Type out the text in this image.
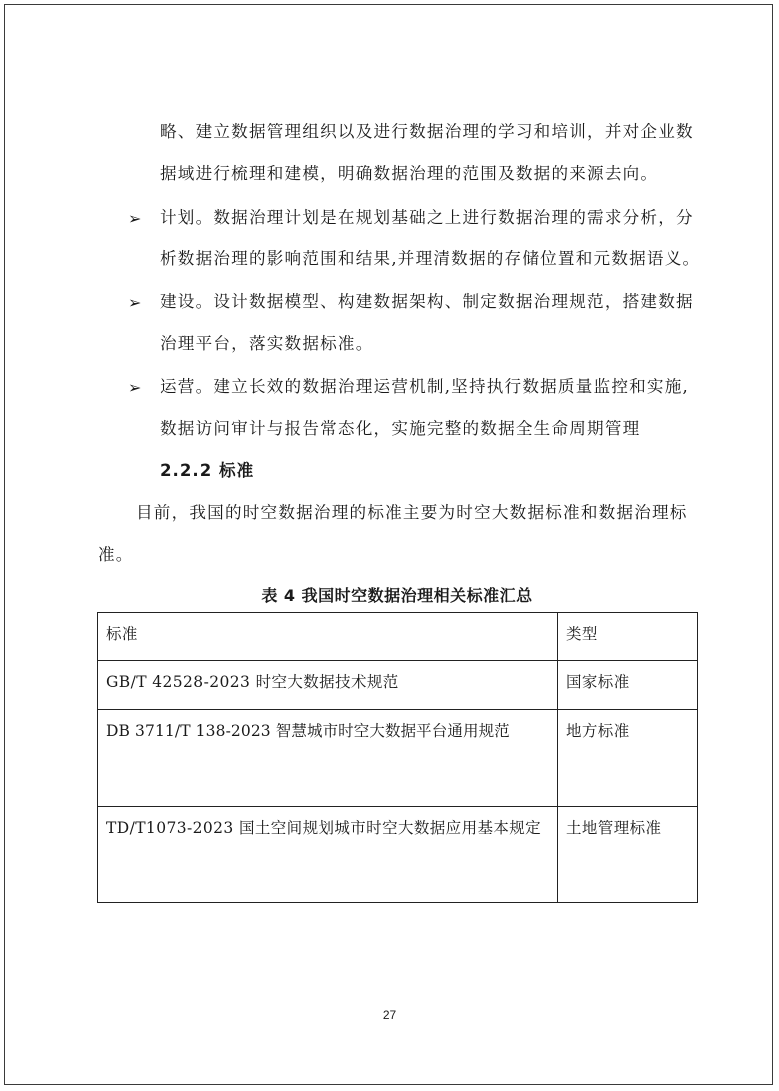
略、建立数据管理组织以及进行数据治理的学习和培训，并对企业数
据域进行梳理和建模，明确数据治理的范围及数据的来源去向。
➢ 计划。数据治理计划是在规划基础之上进行数据治理的需求分析，分
析数据治理的影响范围和结果,并理清数据的存储位置和元数据语义。
➢ 建设。设计数据模型、构建数据架构、制定数据治理规范，搭建数据
治理平台，落实数据标准。
➢ 运营。建立长效的数据治理运营机制,坚持执行数据质量监控和实施,
数据访问审计与报告常态化，实施完整的数据全生命周期管理
2.2.2 标准
目前，我国的时空数据治理的标准主要为时空大数据标准和数据治理标
准。
表 4 我国时空数据治理相关标准汇总
标准	类型
GB/T 42528-2023 时空大数据技术规范	国家标准
DB 3711/T 138-2023 智慧城市时空大数据平台通用规范	地方标准
TD/T1073-2023 国土空间规划城市时空大数据应用基本规定	土地管理标准
27
